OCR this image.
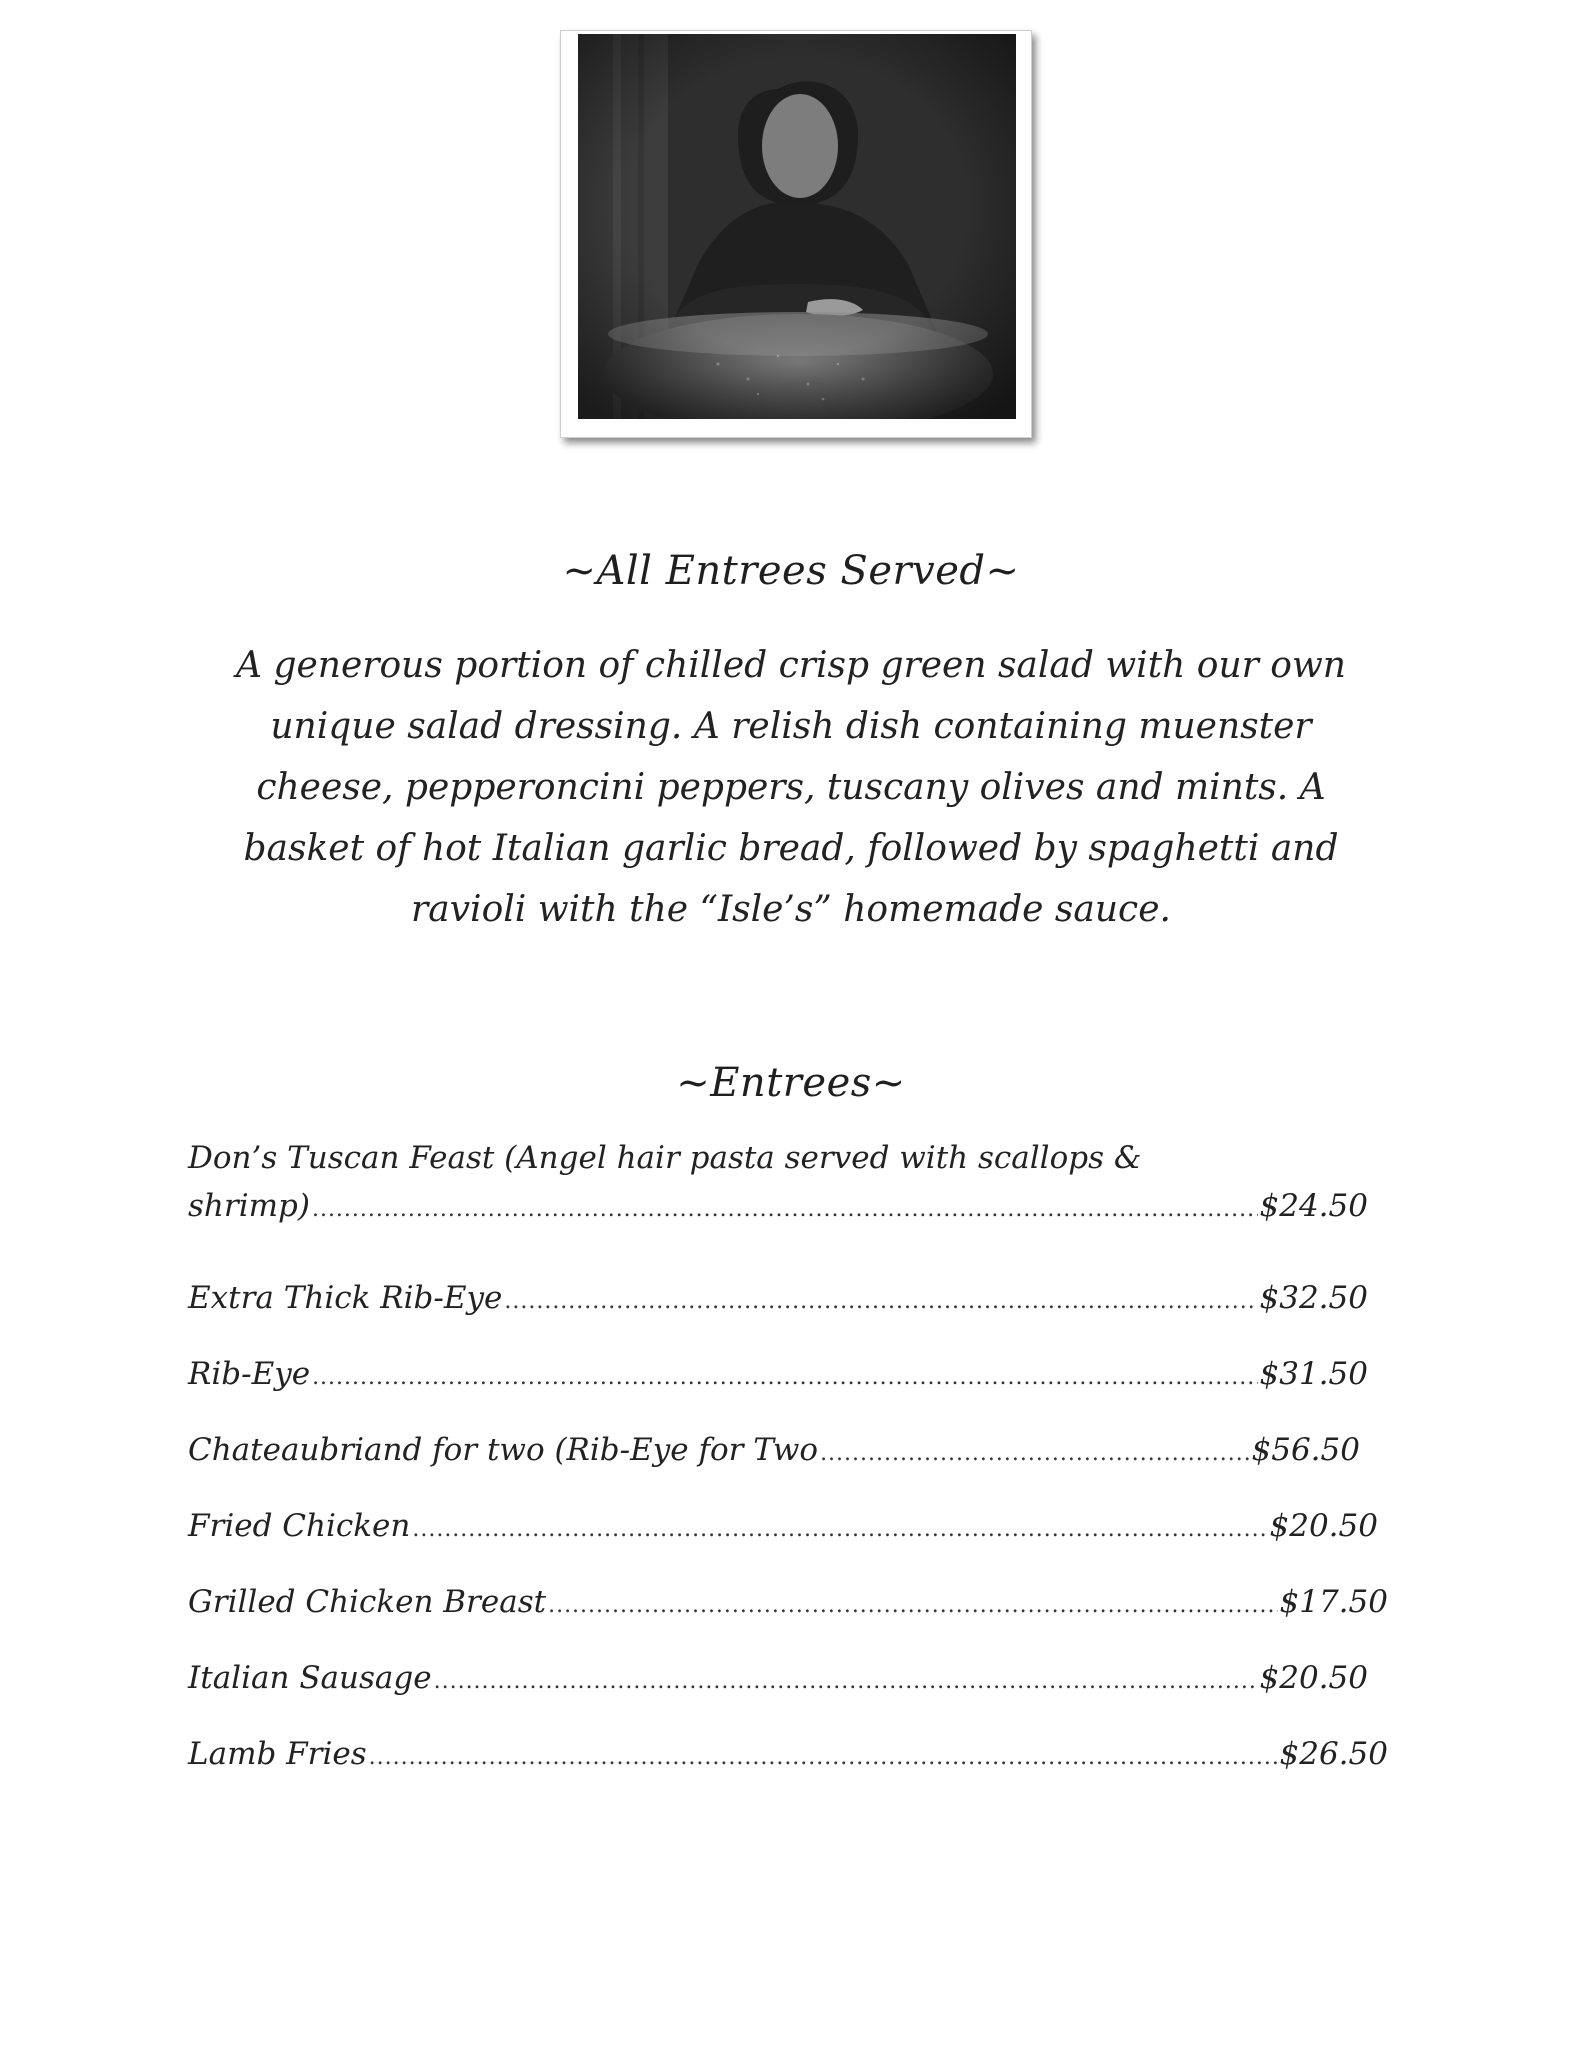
~All Entrees Served~
A generous portion of chilled crisp green salad with our own unique salad dressing. A relish dish containing muenster cheese, pepperoncini peppers, tuscany olives and mints. A basket of hot Italian garlic bread, followed by spaghetti and ravioli with the “Isle’s” homemade sauce.
~Entrees~
Don’s Tuscan Feast (Angel hair pasta served with scallops &
shrimp) .....	$24.50
Extra Thick Rib-Eye .....	$32.50
Rib-Eye .....	$31.50
Chateaubriand for two (Rib-Eye for Two .....	$56.50
Fried Chicken .....	$20.50
Grilled Chicken Breast .....	$17.50
Italian Sausage .....	$20.50
Lamb Fries .....	$26.50
